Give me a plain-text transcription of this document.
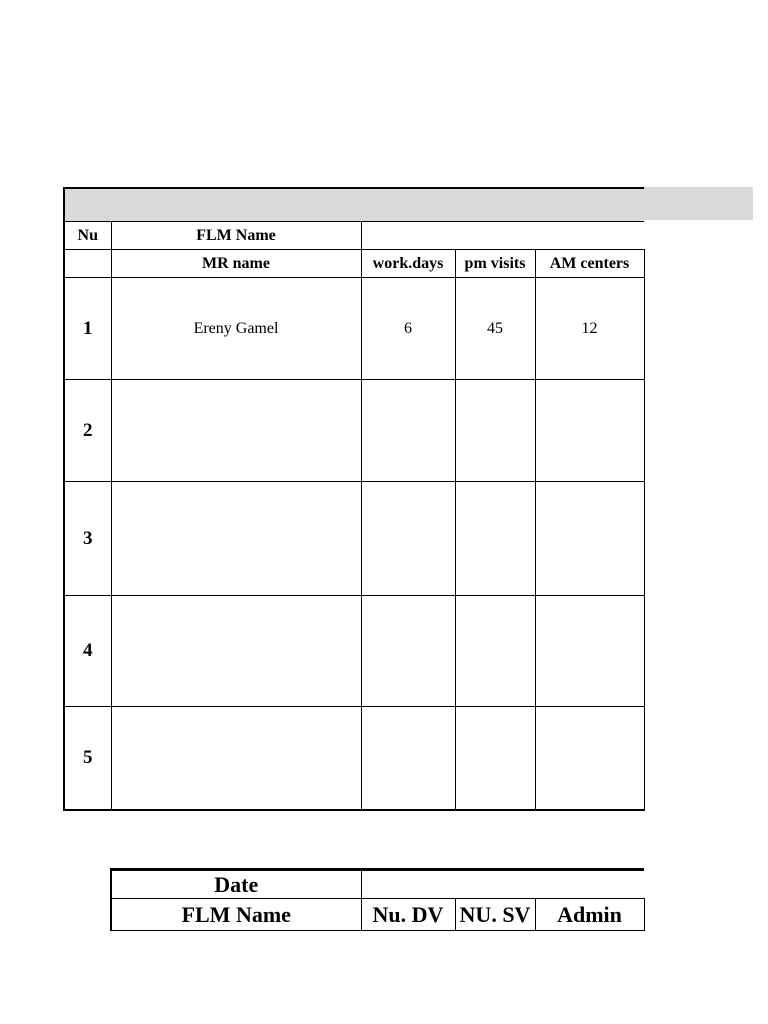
Nu	FLM Name			
	MR name	work.days	pm visits	AM centers
1	Ereny Gamel	6	45	12
2				
3				
4				
5				
Date			
FLM Name	Nu. DV	NU. SV	Admin
